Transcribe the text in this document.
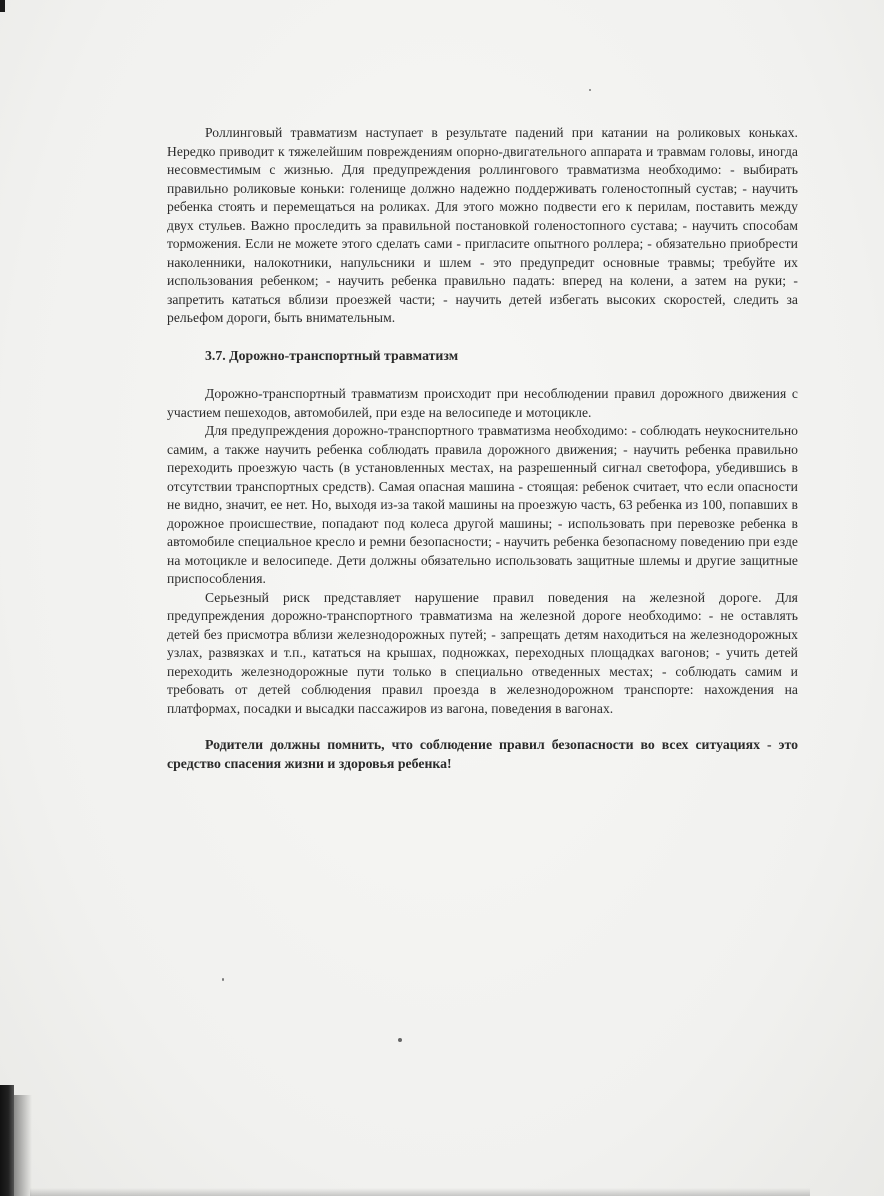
Роллинговый травматизм наступает в результате падений при катании на роликовых коньках. Нередко приводит к тяжелейшим повреждениям опорно-двигательного аппарата и травмам головы, иногда несовместимым с жизнью. Для предупреждения роллингового травматизма необходимо: - выбирать правильно роликовые коньки: голенище должно надежно поддерживать голеностопный сустав; - научить ребенка стоять и перемещаться на роликах. Для этого можно подвести его к перилам, поставить между двух стульев. Важно проследить за правильной постановкой голеностопного сустава; - научить способам торможения. Если не можете этого сделать сами - пригласите опытного роллера; - обязательно приобрести наколенники, налокотники, напульсники и шлем - это предупредит основные травмы; требуйте их использования ребенком; - научить ребенка правильно падать: вперед на колени, а затем на руки; - запретить кататься вблизи проезжей части; - научить детей избегать высоких скоростей, следить за рельефом дороги, быть внимательным.

3.7. Дорожно-транспортный травматизм

Дорожно-транспортный травматизм происходит при несоблюдении правил дорожного движения с участием пешеходов, автомобилей, при езде на велосипеде и мотоцикле.

Для предупреждения дорожно-транспортного травматизма необходимо: - соблюдать неукоснительно самим, а также научить ребенка соблюдать правила дорожного движения; - научить ребенка правильно переходить проезжую часть (в установленных местах, на разрешенный сигнал светофора, убедившись в отсутствии транспортных средств). Самая опасная машина - стоящая: ребенок считает, что если опасности не видно, значит, ее нет. Но, выходя из-за такой машины на проезжую часть, 63 ребенка из 100, попавших в дорожное происшествие, попадают под колеса другой машины; - использовать при перевозке ребенка в автомобиле специальное кресло и ремни безопасности; - научить ребенка безопасному поведению при езде на мотоцикле и велосипеде. Дети должны обязательно использовать защитные шлемы и другие защитные приспособления.

Серьезный риск представляет нарушение правил поведения на железной дороге. Для предупреждения дорожно-транспортного травматизма на железной дороге необходимо: - не оставлять детей без присмотра вблизи железнодорожных путей; - запрещать детям находиться на железнодорожных узлах, развязках и т.п., кататься на крышах, подножках, переходных площадках вагонов; - учить детей переходить железнодорожные пути только в специально отведенных местах; - соблюдать самим и требовать от детей соблюдения правил проезда в железнодорожном транспорте: нахождения на платформах, посадки и высадки пассажиров из вагона, поведения в вагонах.

Родители должны помнить, что соблюдение правил безопасности во всех ситуациях - это средство спасения жизни и здоровья ребенка!
